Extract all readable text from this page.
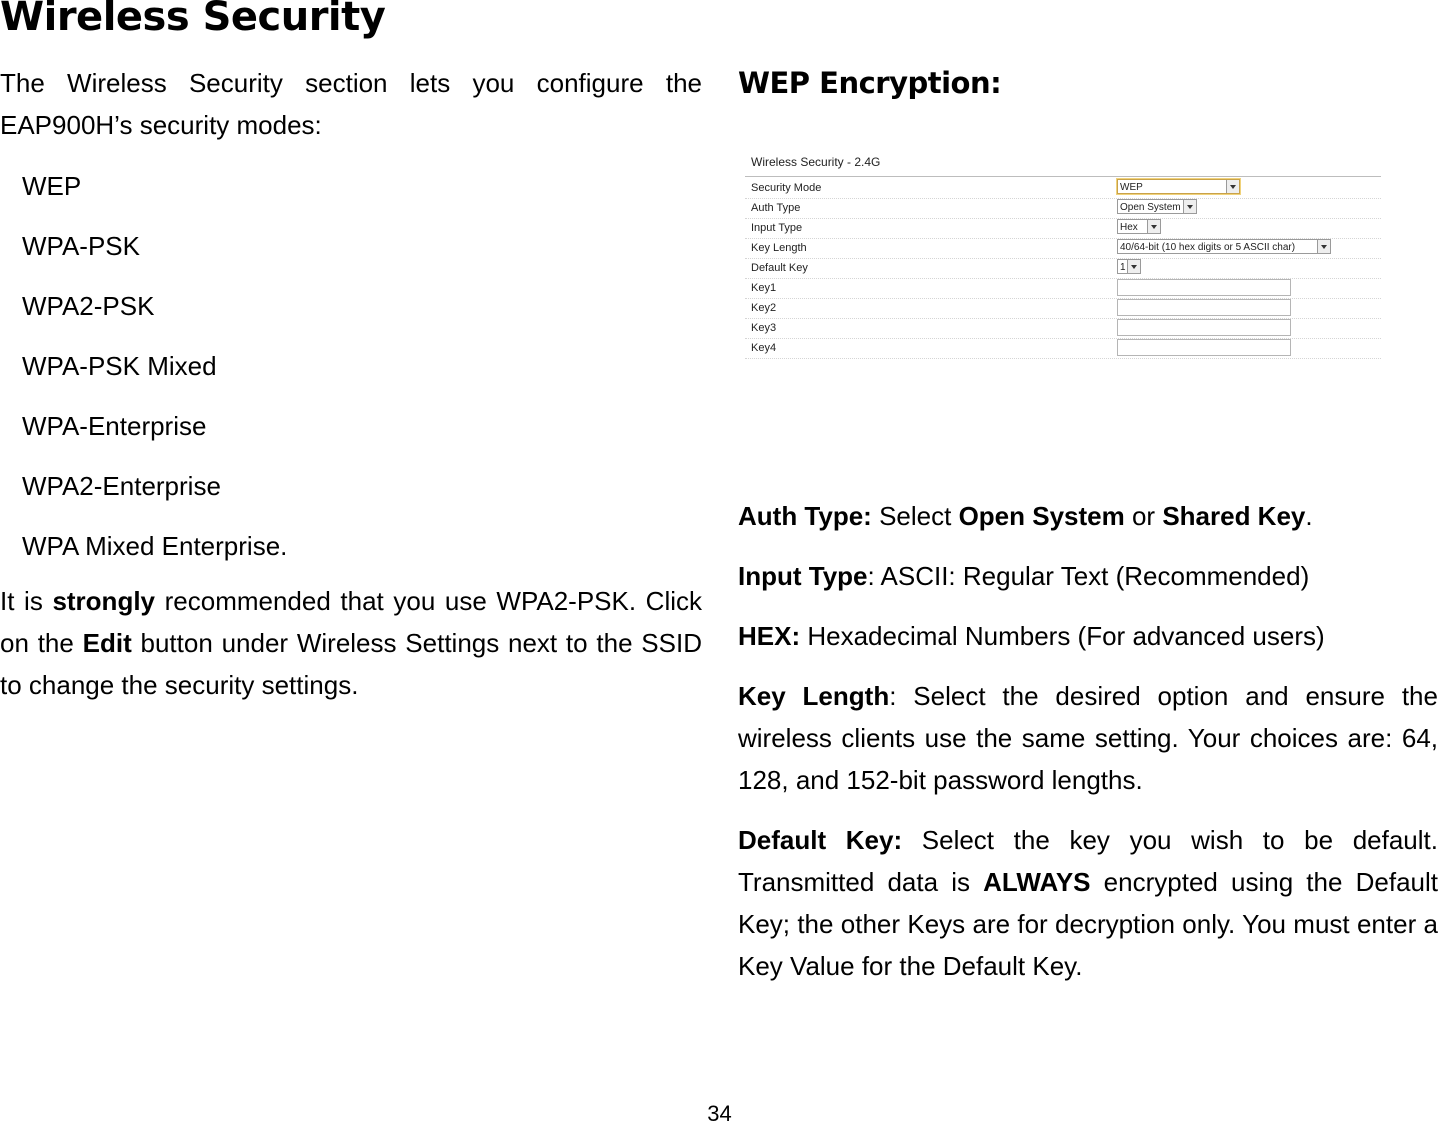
Wireless Security

The Wireless Security section lets you configure the EAP900H’s security modes:

WEP
WPA-PSK
WPA2-PSK
WPA-PSK Mixed
WPA-Enterprise
WPA2-Enterprise
WPA Mixed Enterprise.

It is strongly recommended that you use WPA2-PSK. Click on the Edit button under Wireless Settings next to the SSID to change the security settings.

WEP Encryption:
Wireless Security - 2.4G
Security Mode	WEP
Auth Type	Open System
Input Type	Hex
Key Length	40/64-bit (10 hex digits or 5 ASCII char)
Default Key	1
Key1
Key2
Key3
Key4

Auth Type: Select Open System or Shared Key.

Input Type: ASCII: Regular Text (Recommended)

HEX: Hexadecimal Numbers (For advanced users)

Key Length: Select the desired option and ensure the wireless clients use the same setting. Your choices are: 64, 128, and 152-bit password lengths.

Default Key: Select the key you wish to be default. Transmitted data is ALWAYS encrypted using the Default Key; the other Keys are for decryption only. You must enter a Key Value for the Default Key.

34
